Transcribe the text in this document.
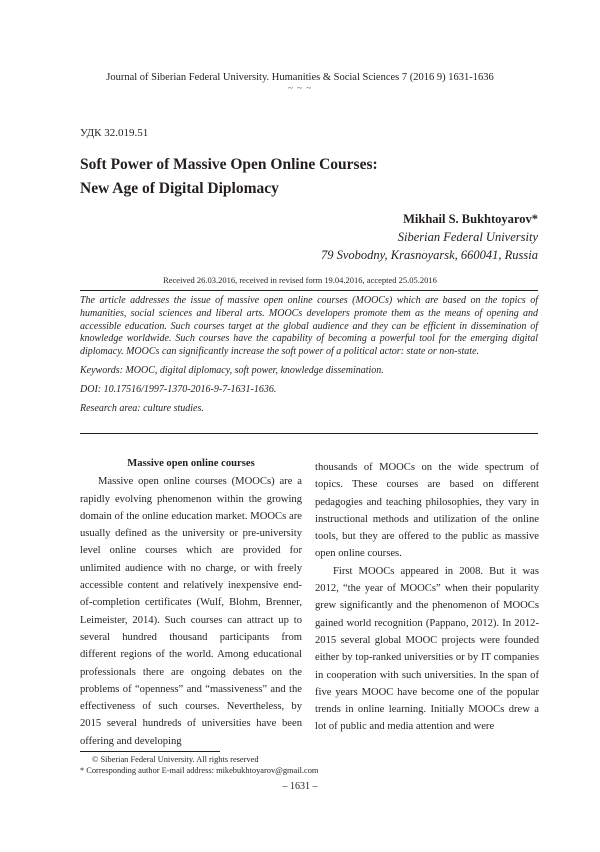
Journal of Siberian Federal University. Humanities & Social Sciences 7 (2016 9) 1631-1636
~ ~ ~
УДК 32.019.51
Soft Power of Massive Open Online Courses:
New Age of Digital Diplomacy
Mikhail S. Bukhtoyarov*
Siberian Federal University
79 Svobodny, Krasnoyarsk, 660041, Russia
Received 26.03.2016, received in revised form 19.04.2016, accepted 25.05.2016

The article addresses the issue of massive open online courses (MOOCs) which are based on the topics of humanities, social sciences and liberal arts. MOOCs developers promote them as the means of opening and accessible education. Such courses target at the global audience and they can be efficient in dissemination of knowledge worldwide. Such courses have the capability of becoming a powerful tool for the emerging digital diplomacy. MOOCs can significantly increase the soft power of a political actor: state or non-state.

Keywords: MOOC, digital diplomacy, soft power, knowledge dissemination.

DOI: 10.17516/1997-1370-2016-9-7-1631-1636.

Research area: culture studies.

Massive open online courses

Massive open online courses (MOOCs) are a rapidly evolving phenomenon within the growing domain of the online education market. MOOCs are usually defined as the university or pre-university level online courses which are provided for unlimited audience with no charge, or with freely accessible content and relatively inexpensive end-of-completion certificates (Wulf, Blohm, Brenner, Leimeister, 2014). Such courses can attract up to several hundred thousand participants from different regions of the world. Among educational professionals there are ongoing debates on the problems of “openness” and “massiveness” and the effectiveness of such courses. Nevertheless, by 2015 several hundreds of universities have been offering and developing

thousands of MOOCs on the wide spectrum of topics. These courses are based on different pedagogies and teaching philosophies, they vary in instructional methods and utilization of the online tools, but they are offered to the public as massive open online courses.

First MOOCs appeared in 2008. But it was 2012, “the year of MOOCs” when their popularity grew significantly and the phenomenon of MOOCs gained world recognition (Pappano, 2012). In 2012-2015 several global MOOC projects were founded either by top-ranked universities or by IT companies in cooperation with such universities. In the span of five years MOOC have become one of the popular trends in online learning. Initially MOOCs drew a lot of public and media attention and were

© Siberian Federal University. All rights reserved
* Corresponding author E-mail address: mikebukhtoyarov@gmail.com
– 1631 –
